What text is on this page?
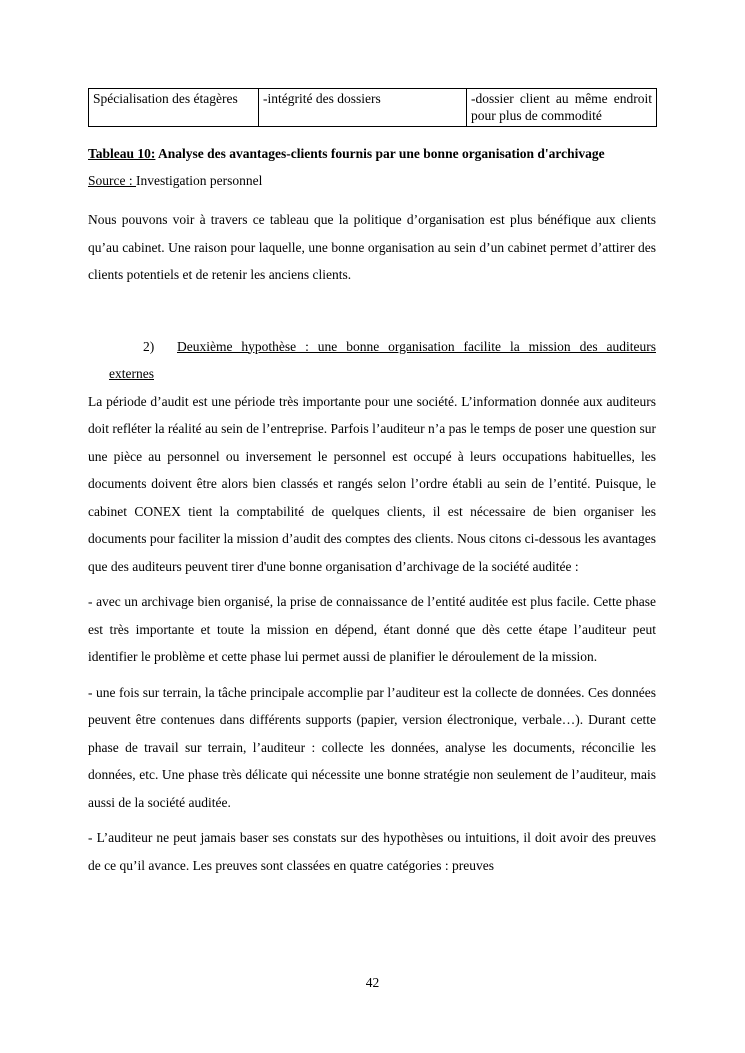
Spécialisation des étagères	-intégrité des dossiers	-dossier client au même endroit pour plus de commodité
Tableau 10: Analyse des avantages-clients fournis par une bonne organisation d'archivage
Source : Investigation personnel

Nous pouvons voir à travers ce tableau que la politique d’organisation est plus bénéfique aux clients qu’au cabinet. Une raison pour laquelle, une bonne organisation au sein d’un cabinet permet d’attirer des clients potentiels et de retenir les anciens clients.

2)	Deuxième hypothèse : une bonne organisation facilite la mission des auditeurs
externes

La période d’audit est une période très importante pour une société. L’information donnée aux auditeurs doit refléter la réalité au sein de l’entreprise. Parfois l’auditeur n’a pas le temps de poser une question sur une pièce au personnel ou inversement le personnel est occupé à leurs occupations habituelles, les documents doivent être alors bien classés et rangés selon l’ordre établi au sein de l’entité. Puisque, le cabinet CONEX tient la comptabilité de quelques clients, il est nécessaire de bien organiser les documents pour faciliter la mission d’audit des comptes des clients. Nous citons ci-dessous les avantages que des auditeurs peuvent tirer d'une bonne organisation d’archivage de la société auditée :

- avec un archivage bien organisé, la prise de connaissance de l’entité auditée est plus facile. Cette phase est très importante et toute la mission en dépend, étant donné que dès cette étape l’auditeur peut identifier le problème et cette phase lui permet aussi de planifier le déroulement de la mission.

- une fois sur terrain, la tâche principale accomplie par l’auditeur est la collecte de données. Ces données peuvent être contenues dans différents supports (papier, version électronique, verbale…). Durant cette phase de travail sur terrain, l’auditeur : collecte les données, analyse les documents, réconcilie les données, etc. Une phase très délicate qui nécessite une bonne stratégie non seulement de l’auditeur, mais aussi de la société auditée.

- L’auditeur ne peut jamais baser ses constats sur des hypothèses ou intuitions, il doit avoir des preuves de ce qu’il avance. Les preuves sont classées en quatre catégories : preuves

42
